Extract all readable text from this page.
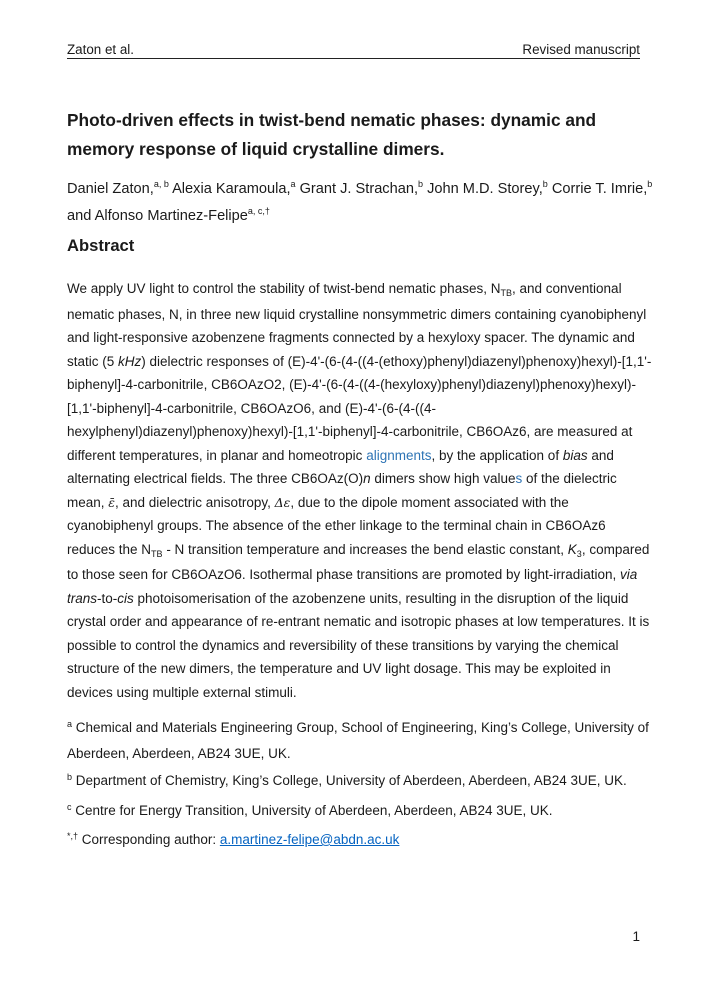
Zaton et al.	Revised manuscript
Photo-driven effects in twist-bend nematic phases: dynamic and
memory response of liquid crystalline dimers.

Daniel Zaton,$^{a, b}$ Alexia Karamoula,$^a$ Grant J. Strachan,$^b$ John M.D. Storey,$^b$ Corrie T. Imrie,$^b$
and Alfonso Martinez-Felipe$^{a, c,\dagger}$

Abstract

We apply UV light to control the stability of twist-bend nematic phases, $N_{TB}$, and conventional
nematic phases, N, in three new liquid crystalline nonsymmetric dimers containing cyanobiphenyl
and light-responsive azobenzene fragments connected by a hexyloxy spacer. The dynamic and
static (5 kHz) dielectric responses of (E)-4'-(6-(4-((4-(ethoxy)phenyl)diazenyl)phenoxy)hexyl)-[1,1'-
biphenyl]-4-carbonitrile, CB6OAzO2, (E)-4'-(6-(4-((4-(hexyloxy)phenyl)diazenyl)phenoxy)hexyl)-
[1,1'-biphenyl]-4-carbonitrile, CB6OAzO6, and (E)-4'-(6-(4-((4-
hexylphenyl)diazenyl)phenoxy)hexyl)-[1,1'-biphenyl]-4-carbonitrile, CB6OAz6, are measured at
different temperatures, in planar and homeotropic alignments, by the application of bias and
alternating electrical fields. The three CB6OAz(O)n dimers show high values of the dielectric
mean, ε̄, and dielectric anisotropy, Δε, due to the dipole moment associated with the
cyanobiphenyl groups. The absence of the ether linkage to the terminal chain in CB6OAz6
reduces the $N_{TB}$ - N transition temperature and increases the bend elastic constant, $K_3$, compared
to those seen for CB6OAzO6. Isothermal phase transitions are promoted by light-irradiation, via
trans-to-cis photoisomerisation of the azobenzene units, resulting in the disruption of the liquid
crystal order and appearance of re-entrant nematic and isotropic phases at low temperatures. It is
possible to control the dynamics and reversibility of these transitions by varying the chemical
structure of the new dimers, the temperature and UV light dosage. This may be exploited in
devices using multiple external stimuli.

$^a$ Chemical and Materials Engineering Group, School of Engineering, King’s College, University of Aberdeen, Aberdeen, AB24 3UE, UK.

$^b$ Department of Chemistry, King’s College, University of Aberdeen, Aberdeen, AB24 3UE, UK.

$^c$ Centre for Energy Transition, University of Aberdeen, Aberdeen, AB24 3UE, UK.

*,† Corresponding author: a.martinez-felipe@abdn.ac.uk

1
